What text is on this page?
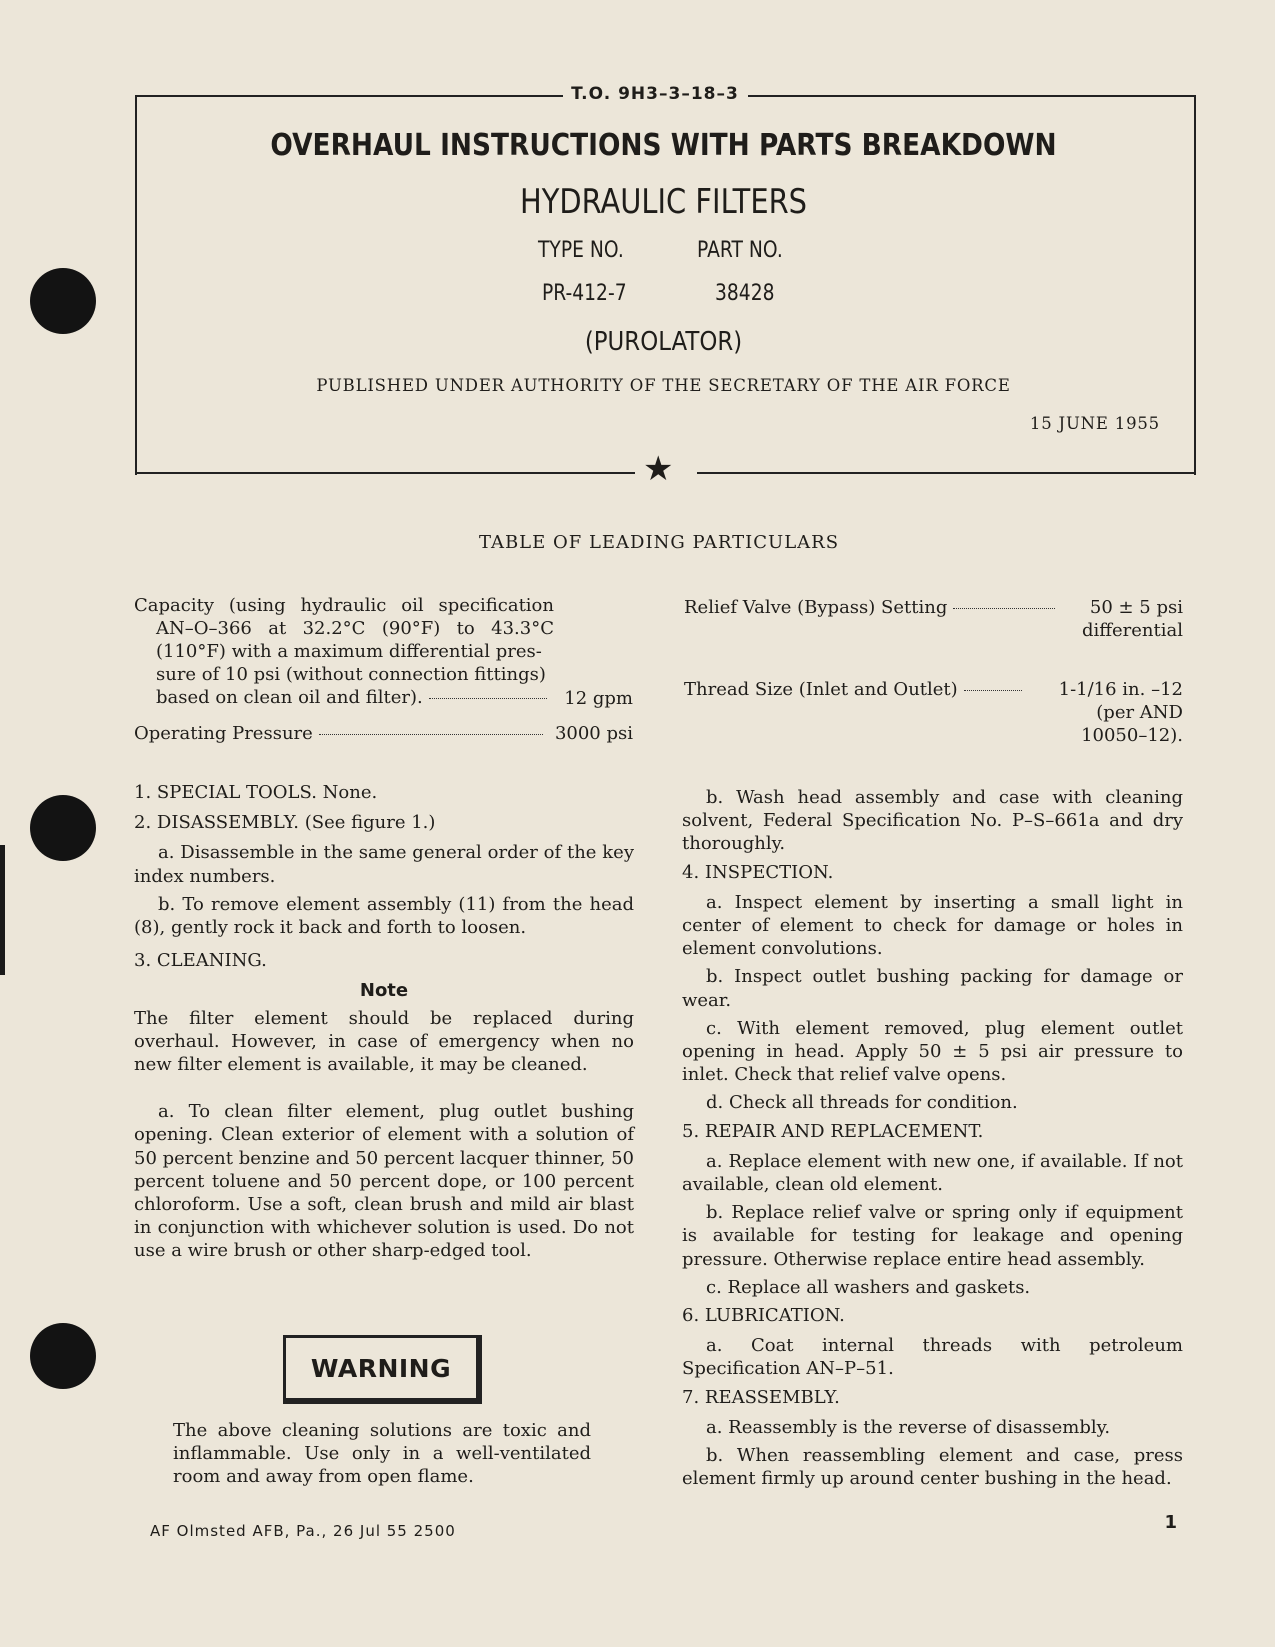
T.O. 9H3–3–18–3
★
OVERHAUL INSTRUCTIONS WITH PARTS BREAKDOWN
HYDRAULIC FILTERS
TYPE NO.	PART NO.
PR-412-7	38428
(PUROLATOR)
PUBLISHED UNDER AUTHORITY OF THE SECRETARY OF THE AIR FORCE
15 JUNE 1955
TABLE OF LEADING PARTICULARS
Capacity (using hydraulic oil specification
AN–O–366 at 32.2°C (90°F) to 43.3°C
(110°F) with a maximum differential pres-
sure of 10 psi (without connection fittings)
based on clean oil and filter).	12 gpm
Operating Pressure	3000 psi
Relief Valve (Bypass) Setting	50 ± 5 psi
differential
Thread Size (Inlet and Outlet)	1-1/16 in. –12
(per AND
10050–12).

1. SPECIAL TOOLS. None.

2. DISASSEMBLY. (See figure 1.)

a. Disassemble in the same general order of the key index numbers.

b. To remove element assembly (11) from the head (8), gently rock it back and forth to loosen.

3. CLEANING.

Note

The filter element should be replaced during overhaul. However, in case of emergency when no new filter element is available, it may be cleaned.

a. To clean filter element, plug outlet bushing opening. Clean exterior of element with a solution of 50 percent benzine and 50 percent lacquer thinner, 50 percent toluene and 50 percent dope, or 100 percent chloroform. Use a soft, clean brush and mild air blast in conjunction with whichever solution is used. Do not use a wire brush or other sharp-edged tool.

WARNING
The above cleaning solutions are toxic and inflammable. Use only in a well-ventilated room and away from open flame.

b. Wash head assembly and case with cleaning solvent, Federal Specification No. P–S–661a and dry thoroughly.

4. INSPECTION.

a. Inspect element by inserting a small light in center of element to check for damage or holes in element convolutions.

b. Inspect outlet bushing packing for damage or wear.

c. With element removed, plug element outlet opening in head. Apply 50 ± 5 psi air pressure to inlet. Check that relief valve opens.

d. Check all threads for condition.

5. REPAIR AND REPLACEMENT.

a. Replace element with new one, if available. If not available, clean old element.

b. Replace relief valve or spring only if equipment is available for testing for leakage and opening pressure. Otherwise replace entire head assembly.

c. Replace all washers and gaskets.

6. LUBRICATION.

a. Coat internal threads with petroleum Specification AN–P–51.

7. REASSEMBLY.

a. Reassembly is the reverse of disassembly.

b. When reassembling element and case, press element firmly up around center bushing in the head.

AF Olmsted AFB, Pa., 26 Jul 55 2500	1
